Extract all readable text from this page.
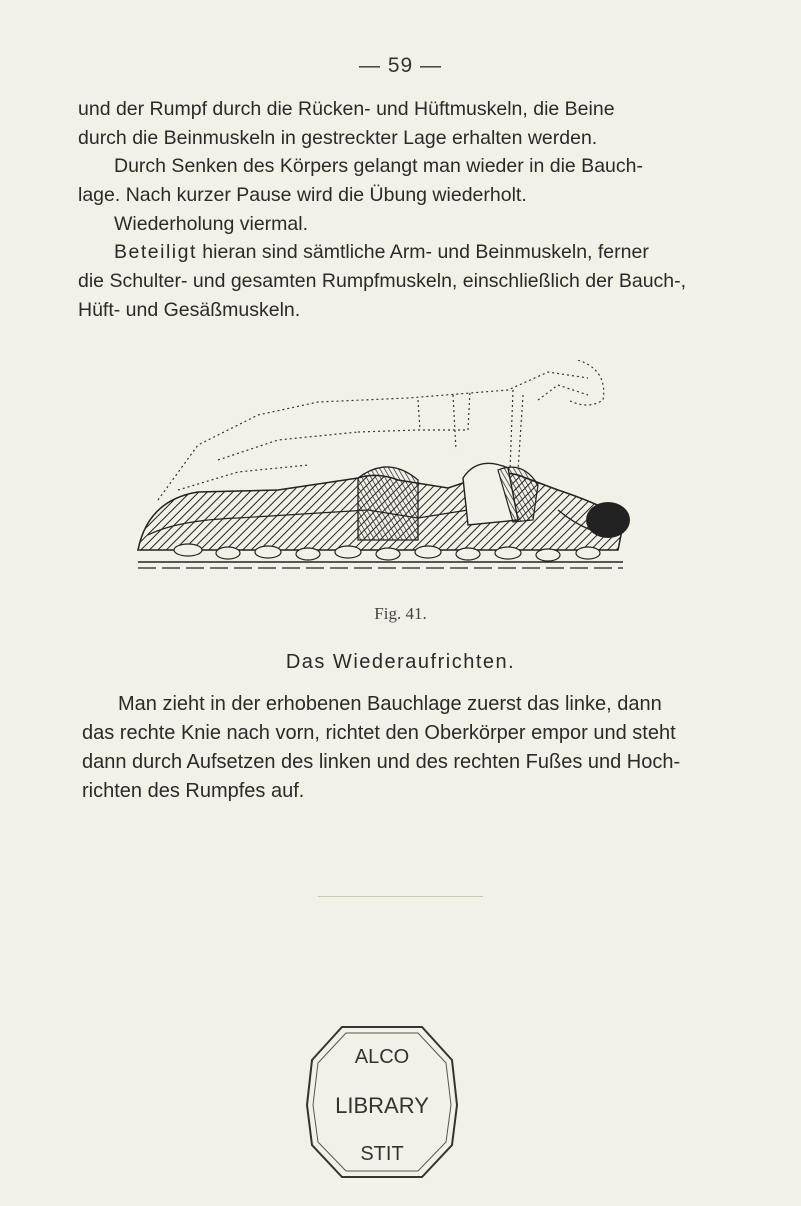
— 59 —

und der Rumpf durch die Rücken- und Hüftmuskeln, die Beine
durch die Beinmuskeln in gestreckter Lage erhalten werden.

Durch Senken des Körpers gelangt man wieder in die Bauch-
lage. Nach kurzer Pause wird die Übung wiederholt.
Wiederholung viermal.

Beteiligt hieran sind sämtliche Arm- und Beinmuskeln, ferner
die Schulter- und gesamten Rumpfmuskeln, einschließlich der Bauch-,
Hüft- und Gesäßmuskeln.

Fig. 41.
Das Wiederaufrichten.

Man zieht in der erhobenen Bauchlage zuerst das linke, dann
das rechte Knie nach vorn, richtet den Oberkörper empor und steht
dann durch Aufsetzen des linken und des rechten Fußes und Hoch-
richten des Rumpfes auf.

ALCO
LIBRARY
STIT
